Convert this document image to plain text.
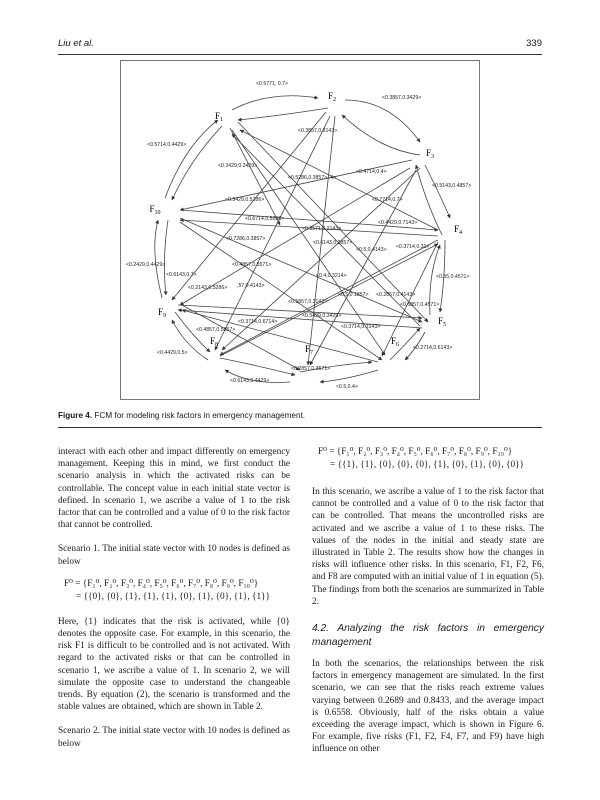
Liu et al.	339
$F_1$
$F_2$
$F_3$
$F_4$
$F_5$
$F_6$
$F_7$
$F_8$
$F_9$
$F_{10}$
<0.5771, 0.7>
<0.3857,0.3429>
<0.5714,0.4429>
<0.3857,0.3143>
<0.3429,0.3429>
<0.5286,0.3857>,.4>
<0.4714,0.4>
<0.5143,0.4857>
<0.5429,0.5286>	<0.7714,0.7>
<0.6714,0.5286>
<0.3571,0.2143>
<0.4429,0.7143>
<0.7286,0.3857>
<0.6143,0.3857>
<0.5,0.4143> <0.3714,0.31>
<0.2429,0.4429>	<0.4857,0.5571>
<0.6143,0.7>	<0.4,0.3214>	<0.55,0.4571>
<0.2143,0.5286> ,57,0.4143>
<0.5,0.1857> <0.2857,0.4143>
<0.5857,0.3143>	<0.5857,0.4571>
<0.3714,0.6714>
<0.5429,0.3429>
<0.3714,0.3143>
<0.4857,0.5857>
<0.2857,0.3571>
<0.4429,0.5>
<0.2714,0.6143>
<0.6143,0.4429>
<0.5,0.4>
Figure 4. FCM for modeling risk factors in emergency management.

interact with each other and impact differently on emergency management. Keeping this in mind, we first conduct the scenario analysis in which the activated risks can be controllable. The concept value in each initial state vector is defined. In scenario 1, we ascribe a value of 1 to the risk factor that can be controlled and a value of 0 to the risk factor that cannot be controlled.

Scenario 1. The initial state vector with 10 nodes is defined as below

F⁰ = {F₁⁰, F₂⁰, F₃⁰, F₄⁰, F₅⁰, F₆⁰, F₇⁰, F₈⁰, F₉⁰, F₁₀⁰}
= {{0}, {0}, {1}, {1}, {1}, {0}, {1}, {0}, {1}, {1}}

Here, {1} indicates that the risk is activated, while {0} denotes the opposite case. For example, in this scenario, the risk F1 is difficult to be controlled and is not activated. With regard to the activated risks or that can be controlled in scenario 1, we ascribe a value of 1. In scenario 2, we will simulate the opposite case to understand the changeable trends. By equation (2), the scenario is transformed and the stable values are obtained, which are shown in Table 2.

Scenario 2. The initial state vector with 10 nodes is defined as below

F⁰ = {F₁⁰, F₂⁰, F₃⁰, F₄⁰, F₅⁰, F₆⁰, F₇⁰, F₈⁰, F₉⁰, F₁₀⁰}
= {{1}, {1}, {0}, {0}, {0}, {1}, {0}, {1}, {0}, {0}}

In this scenario, we ascribe a value of 1 to the risk factor that cannot be controlled and a value of 0 to the risk factor that can be controlled. That means the uncontrolled risks are activated and we ascribe a value of 1 to these risks. The values of the nodes in the initial and steady state are illustrated in Table 2. The results show how the changes in risks will influence other risks. In this scenario, F1, F2, F6, and F8 are computed with an initial value of 1 in equation (5). The findings from both the scenarios are summarized in Table 2.

4.2. Analyzing the risk factors in emergency management

In both the scenarios, the relationships between the risk factors in emergency management are simulated. In the first scenario, we can see that the risks reach extreme values varying between 0.2689 and 0.8433, and the average impact is 0.6558. Obviously, half of the risks obtain a value exceeding the average impact, which is shown in Figure 6. For example, five risks (F1, F2, F4, F7, and F9) have high influence on other
